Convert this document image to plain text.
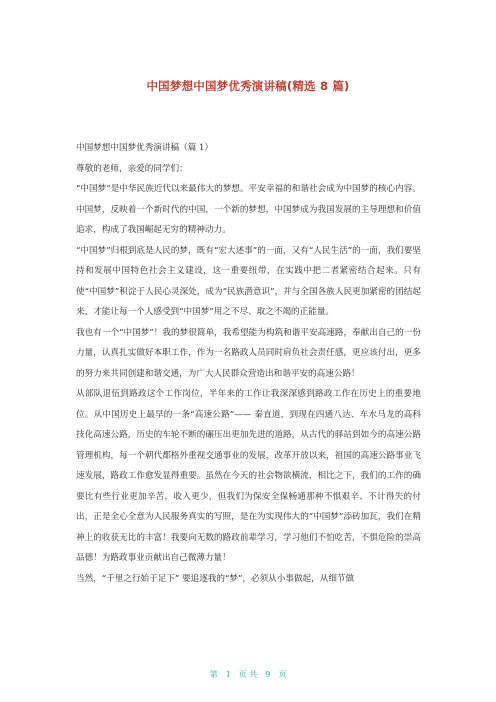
中国梦想中国梦优秀演讲稿(精选 8 篇)

中国梦想中国梦优秀演讲稿（篇 1）

尊敬的老师，亲爱的同学们：

“中国梦”是中华民族近代以来最伟大的梦想。平安幸福的和谐社会成为中国梦的核心内容。中国梦，反映着一个新时代的中国，一个新的梦想，中国梦成为我国发展的主导理想和价值追求，构成了我国崛起无穷的精神动力。

“中国梦”归根到底是人民的梦，既有“宏大述事”的一面，又有“人民生活”的一面，我们要坚持和发展中国特色社会主义建设，这一重要纽带，在实践中把二者紧密结合起来。只有使“中国梦”积淀于人民心灵深处，成为“民族潜意识”，并与全国各族人民更加紧密的团结起来，才能让每一个人感受到“中国梦”用之不尽、取之不竭的正能量。

我也有一个“中国梦”！我的梦很简单，我希望能为构筑和谐平安高速路，奉献出自己的一份力量，认真扎实做好本职工作，作为一名路政人员同时肩负社会责任感，更应该付出，更多的努力来共同创建和谐交通，为广大人民群众营造出和谐平安的高速公路！

从部队退伍到路政这个工作岗位，半年来的工作让我深深感到路政工作在历史上的重要地位。从中国历史上最早的一条“高速公路”—— 秦直道，到现在四通八达、车水马龙的高科技化高速公路，历史的车轮不断的碾压出更加先进的道路，从古代的驿站到如今的高速公路管理机构，每一个朝代都格外重视交通事业的发展，改革开放以来，祖国的高速公路事业飞速发展，路政工作愈发显得重要。虽然在今天的社会物欲横流，相比之下，我们的工作的确要比有些行业更加辛苦，收入更少，但我们为保安全保畅通那种不惧艰辛、不计得失的付出，正是全心全意为人民服务真实的写照，是在为实现伟大的“中国梦”添砖加瓦，我们在精神上的收获无比的丰富！我要向无数的路政前辈学习，学习他们不怕吃苦，不惧危险的崇高品德！为路政事业贡献出自己微薄力量！

当然，“千里之行始于足下” 要追逐我的“梦”，必须从小事做起，从细节做

第　1　页 共　9　页
